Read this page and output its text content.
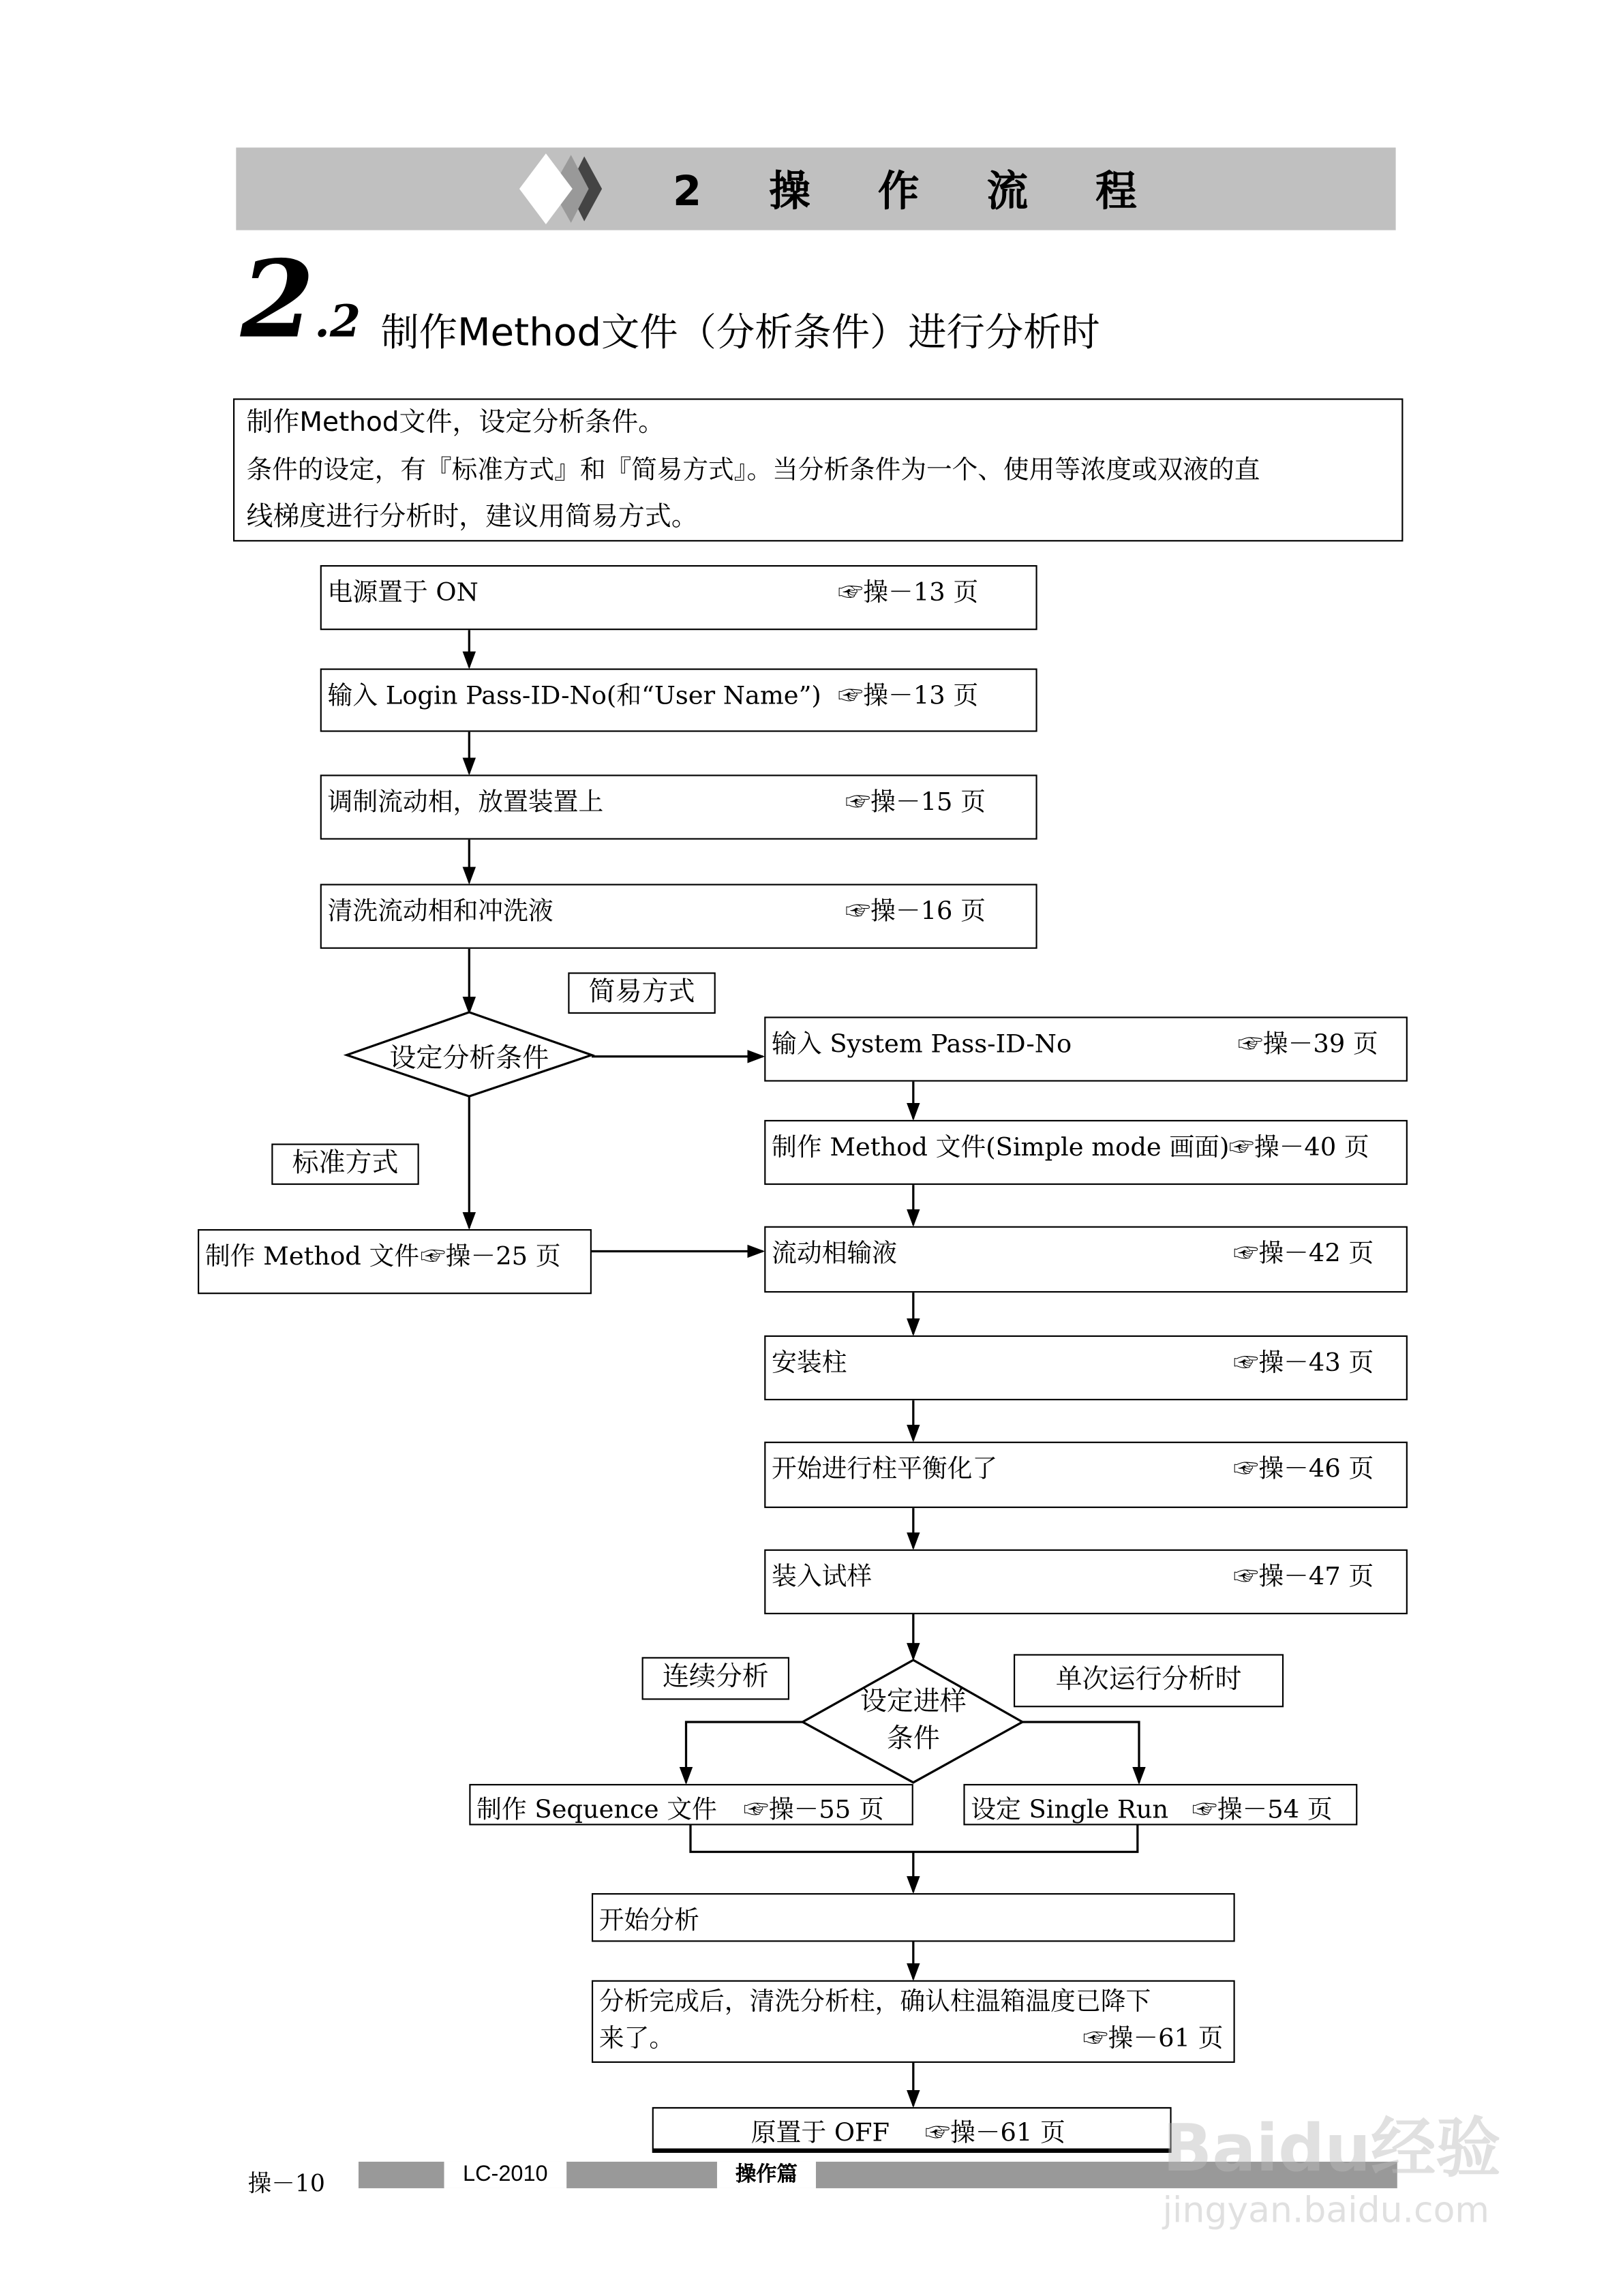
2 操 作 流 程
2.2 制作Method文件（分析条件）进行分析时
制作Method文件，设定分析条件。
条件的设定，有『标准方式』和『简易方式』。当分析条件为一个、使用等浓度或双液的直
线梯度进行分析时，建议用简易方式。
电源置于 ON	☞操－13 页
输入 Login Pass-ID-No(和“User Name”) ☞操－13 页
调制流动相，放置装置上	☞操－15 页
清洗流动相和冲洗液	☞操－16 页
简易方式
设定分析条件
标准方式
制作 Method 文件 ☞操－25 页
输入 System Pass-ID-No	☞操－39 页
制作 Method 文件(Simple mode 画面) ☞操－40 页
流动相输液	☞操－42 页
安装柱	☞操－43 页
开始进行柱平衡化了	☞操－46 页
装入试样	☞操－47 页
连续分析	单次运行分析时
设定进样
条件
制作 Sequence 文件 ☞操－55 页	设定 Single Run ☞操－54 页
开始分析
分析完成后，清洗分析柱，确认柱温箱温度已降下
来了。	☞操－61 页
原置于 OFF	☞操－61 页
操－10	LC-2010	操作篇	Baidu经验
jingyan.baidu.com
